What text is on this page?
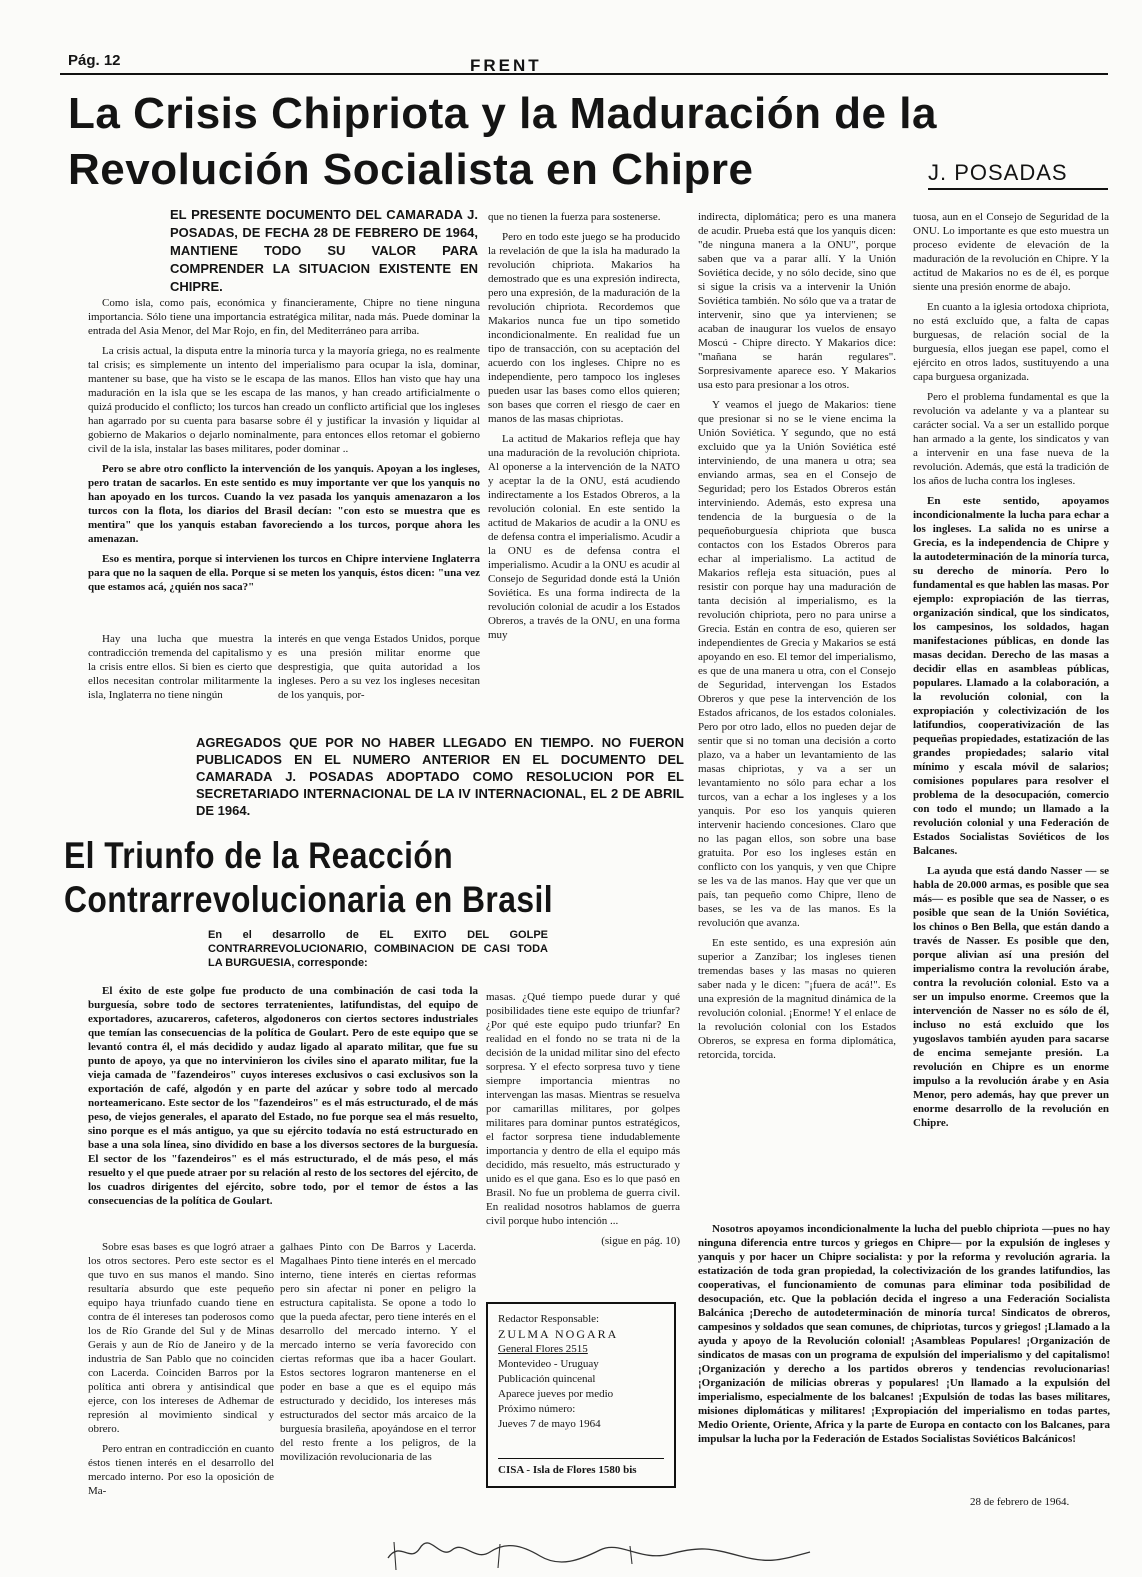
Pág. 12	FRENT
La Crisis Chipriota y la Maduración de la
Revolución Socialista en Chipre	J. POSADAS
EL PRESENTE DOCUMENTO DEL CAMARADA J. POSADAS, DE FECHA 28 DE FEBRERO DE 1964, MANTIENE TODO SU VALOR PARA COMPRENDER LA SITUACION EXISTENTE EN CHIPRE.

Como isla, como país, económica y financieramente, Chipre no tiene ninguna importancia. Sólo tiene una importancia estratégica militar, nada más. Puede dominar la entrada del Asia Menor, del Mar Rojo, en fin, del Mediterráneo para arriba.

La crisis actual, la disputa entre la minoría turca y la mayoría griega, no es realmente tal crisis; es simplemente un intento del imperialismo para ocupar la isla, dominar, mantener su base, que ha visto se le escapa de las manos. Ellos han visto que hay una maduración en la isla que se les escapa de las manos, y han creado artificialmente o quizá producido el conflicto; los turcos han creado un conflicto artificial que los ingleses han agarrado por su cuenta para basarse sobre él y justificar la invasión y liquidar al gobierno de Makarios o dejarlo nominalmente, para entonces ellos retomar el gobierno civil de la isla, instalar las bases militares, poder dominar ..

Pero se abre otro conflicto la intervención de los yanquis. Apoyan a los ingleses, pero tratan de sacarlos. En este sentido es muy importante ver que los yanquis no han apoyado en los turcos. Cuando la vez pasada los yanquis amenazaron a los turcos con la flota, los diarios del Brasil decían: "con esto se muestra que es mentira" que los yanquis estaban favoreciendo a los turcos, porque ahora les amenazan.

Eso es mentira, porque si intervienen los turcos en Chipre interviene Inglaterra para que no la saquen de ella. Porque si se meten los yanquis, éstos dicen: "una vez que estamos acá, ¿quién nos saca?"

Hay una lucha que muestra la contradicción tremenda del capitalismo y la crisis entre ellos. Si bien es cierto que ellos necesitan controlar militarmente la isla, Inglaterra no tiene ningún

interés en que venga Estados Unidos, porque es una presión militar enorme que desprestigia, que quita autoridad a los ingleses. Pero a su vez los ingleses necesitan de los yanquis, por-

que no tienen la fuerza para sostenerse.

Pero en todo este juego se ha producido la revelación de que la isla ha madurado la revolución chipriota. Makarios ha demostrado que es una expresión indirecta, pero una expresión, de la maduración de la revolución chipriota. Recordemos que Makarios nunca fue un tipo sometido incondicionalmente. En realidad fue un tipo de transacción, con su aceptación del acuerdo con los ingleses. Chipre no es independiente, pero tampoco los ingleses pueden usar las bases como ellos quieren; son bases que corren el riesgo de caer en manos de las masas chipriotas.

La actitud de Makarios refleja que hay una maduración de la revolución chipriota. Al oponerse a la intervención de la NATO y aceptar la de la ONU, está acudiendo indirectamente a los Estados Obreros, a la revolución colonial. En este sentido la actitud de Makarios de acudir a la ONU es de defensa contra el imperialismo. Acudir a la ONU es de defensa contra el imperialismo. Acudir a la ONU es acudir al Consejo de Seguridad donde está la Unión Soviética. Es una forma indirecta de la revolución colonial de acudir a los Estados Obreros, a través de la ONU, en una forma muy

indirecta, diplomática; pero es una manera de acudir. Prueba está que los yanquis dicen: "de ninguna manera a la ONU", porque saben que va a parar allí. Y la Unión Soviética decide, y no sólo decide, sino que si sigue la crisis va a intervenir la Unión Soviética también. No sólo que va a tratar de intervenir, sino que ya intervienen; se acaban de inaugurar los vuelos de ensayo Moscú - Chipre directo. Y Makarios dice: "mañana se harán regulares". Sorpresivamente aparece eso. Y Makarios usa esto para presionar a los otros.

Y veamos el juego de Makarios: tiene que presionar si no se le viene encima la Unión Soviética. Y segundo, que no está excluido que ya la Unión Soviética esté interviniendo, de una manera u otra; sea enviando armas, sea en el Consejo de Seguridad; pero los Estados Obreros están interviniendo. Además, esto expresa una tendencia de la burguesía o de la pequeñoburguesía chipriota que busca contactos con los Estados Obreros para echar al imperialismo. La actitud de Makarios refleja esta situación, pues al resistir con porque hay una maduración de tanta decisión al imperialismo, es la revolución chipriota, pero no para unirse a Grecia. Están en contra de eso, quieren ser independientes de Grecia y Makarios se está apoyando en eso. El temor del imperialismo, es que de una manera u otra, con el Consejo de Seguridad, intervengan los Estados Obreros y que pese la intervención de los Estados africanos, de los estados coloniales. Pero por otro lado, ellos no pueden dejar de sentir que si no toman una decisión a corto plazo, va a haber un levantamiento de las masas chipriotas, y va a ser un levantamiento no sólo para echar a los turcos, van a echar a los ingleses y a los yanquis. Por eso los yanquis quieren intervenir haciendo concesiones. Claro que no las pagan ellos, son sobre una base gratuita. Por eso los ingleses están en conflicto con los yanquis, y ven que Chipre se les va de las manos. Hay que ver que un país, tan pequeño como Chipre, lleno de bases, se les va de las manos. Es la revolución que avanza.

En este sentido, es una expresión aún superior a Zanzíbar; los ingleses tienen tremendas bases y las masas no quieren saber nada y le dicen: "¡fuera de acá!". Es una expresión de la magnitud dinámica de la revolución colonial. ¡Enorme! Y el enlace de la revolución colonial con los Estados Obreros, se expresa en forma diplomática, retorcida, torcida.

tuosa, aun en el Consejo de Seguridad de la ONU. Lo importante es que esto muestra un proceso evidente de elevación de la maduración de la revolución en Chipre. Y la actitud de Makarios no es de él, es porque siente una presión enorme de abajo.

En cuanto a la iglesia ortodoxa chipriota, no está excluído que, a falta de capas burguesas, de relación social de la burguesía, ellos juegan ese papel, como el ejército en otros lados, sustituyendo a una capa burguesa organizada.

Pero el problema fundamental es que la revolución va adelante y va a plantear su carácter social. Va a ser un estallido porque han armado a la gente, los sindicatos y van a intervenir en una fase nueva de la revolución. Además, que está la tradición de los años de lucha contra los ingleses.

En este sentido, apoyamos incondicionalmente la lucha para echar a los ingleses. La salida no es unirse a Grecia, es la independencia de Chipre y la autodeterminación de la minoría turca, su derecho de minoría. Pero lo fundamental es que hablen las masas. Por ejemplo: expropiación de las tierras, organización sindical, que los sindicatos, los campesinos, los soldados, hagan manifestaciones públicas, en donde las masas decidan. Derecho de las masas a decidir ellas en asambleas públicas, populares. Llamado a la colaboración, a la revolución colonial, con la expropiación y colectivización de los latifundios, cooperativización de las pequeñas propiedades, estatización de las grandes propiedades; salario vital mínimo y escala móvil de salarios; comisiones populares para resolver el problema de la desocupación, comercio con todo el mundo; un llamado a la revolución colonial y una Federación de Estados Socialistas Soviéticos de los Balcanes.

La ayuda que está dando Nasser — se habla de 20.000 armas, es posible que sea más— es posible que sea de Nasser, o es posible que sean de la Unión Soviética, los chinos o Ben Bella, que están dando a través de Nasser. Es posible que den, porque alivian así una presión del imperialismo contra la revolución árabe, contra la revolución colonial. Esto va a ser un impulso enorme. Creemos que la intervención de Nasser no es sólo de él, incluso no está excluido que los yugoslavos también ayuden para sacarse de encima semejante presión. La revolución en Chipre es un enorme impulso a la revolución árabe y en Asia Menor, pero además, hay que prever un enorme desarrollo de la revolución en Chipre.

AGREGADOS QUE POR NO HABER LLEGADO EN TIEMPO. NO FUERON PUBLICADOS EN EL NUMERO ANTERIOR EN EL DOCUMENTO DEL CAMARADA J. POSADAS ADOPTADO COMO RESOLUCION POR EL SECRETARIADO INTERNACIONAL DE LA IV INTERNACIONAL, EL 2 DE ABRIL DE 1964.
El Triunfo de la Reacción
Contrarrevolucionaria en Brasil
En el desarrollo de EL EXITO DEL GOLPE CONTRARREVOLUCIONARIO, COMBINACION DE CASI TODA LA BURGUESIA, corresponde:

El éxito de este golpe fue producto de una combinación de casi toda la burguesía, sobre todo de sectores terratenientes, latifundistas, del equipo de exportadores, azucareros, cafeteros, algodoneros con ciertos sectores industriales que temían las consecuencias de la política de Goulart. Pero de este equipo que se levantó contra él, el más decidido y audaz ligado al aparato militar, que fue su punto de apoyo, ya que no intervinieron los civiles sino el aparato militar, fue la vieja camada de "fazendeiros" cuyos intereses exclusivos o casi exclusivos son la exportación de café, algodón y en parte del azúcar y sobre todo al mercado norteamericano. Este sector de los "fazendeiros" es el más estructurado, el de más peso, de viejos generales, el aparato del Estado, no fue porque sea el más resuelto, sino porque es el más antiguo, ya que su ejército todavía no está estructurado en base a una sola línea, sino dividido en base a los diversos sectores de la burguesía. El sector de los "fazendeiros" es el más estructurado, el de más peso, el más resuelto y el que puede atraer por su relación al resto de los sectores del ejército, de los cuadros dirigentes del ejército, sobre todo, por el temor de éstos a las consecuencias de la política de Goulart.

masas. ¿Qué tiempo puede durar y qué posibilidades tiene este equipo de triunfar? ¿Por qué este equipo pudo triunfar? En realidad en el fondo no se trata ni de la decisión de la unidad militar sino del efecto sorpresa. Y el efecto sorpresa tuvo y tiene siempre importancia mientras no intervengan las masas. Mientras se resuelva por camarillas militares, por golpes militares para dominar puntos estratégicos, el factor sorpresa tiene indudablemente importancia y dentro de ella el equipo más decidido, más resuelto, más estructurado y unido es el que gana. Eso es lo que pasó en Brasil. No fue un problema de guerra civil. En realidad nosotros hablamos de guerra civil porque hubo intención ...

(sigue en pág. 10)

Sobre esas bases es que logró atraer a los otros sectores. Pero este sector es el que tuvo en sus manos el mando. Sino resultaría absurdo que este pequeño equipo haya triunfado cuando tiene en contra de él intereses tan poderosos como los de Río Grande del Sul y de Minas Gerais y aun de Río de Janeiro y de la industria de San Pablo que no coinciden con Lacerda. Coinciden Barros por la política anti obrera y antisindical que ejerce, con los intereses de Adhemar de represión al movimiento sindical y obrero.

Pero entran en contradicción en cuanto éstos tienen interés en el desarrollo del mercado interno. Por eso la oposición de Ma-

galhaes Pinto con De Barros y Lacerda. Magalhaes Pinto tiene interés en el mercado interno, tiene interés en ciertas reformas pero sin afectar ni poner en peligro la estructura capitalista. Se opone a todo lo que la pueda afectar, pero tiene interés en el desarrollo del mercado interno. Y el mercado interno se vería favorecido con ciertas reformas que iba a hacer Goulart. Estos sectores lograron mantenerse en el poder en base a que es el equipo más estructurado y decidido, los intereses más estructurados del sector más arcaico de la burguesía brasileña, apoyándose en el terror del resto frente a los peligros, de la movilización revolucionaria de las

Redactor Responsable:
ZULMA NOGARA
General Flores 2515
Montevideo - Uruguay
Publicación quincenal
Aparece jueves por medio
Próximo número:
Jueves 7 de mayo 1964
CISA - Isla de Flores 1580 bis

Nosotros apoyamos incondicionalmente la lucha del pueblo chipriota —pues no hay ninguna diferencia entre turcos y griegos en Chipre— por la expulsión de ingleses y yanquis y por hacer un Chipre socialista: y por la reforma y revolución agraria. la estatización de toda gran propiedad, la colectivización de los grandes latifundios, las cooperativas, el funcionamiento de comunas para eliminar toda posibilidad de desocupación, etc. Que la población decida el ingreso a una Federación Socialista Balcánica ¡Derecho de autodeterminación de minoría turca! Sindicatos de obreros, campesinos y soldados que sean comunes, de chipriotas, turcos y griegos! ¡Llamado a la ayuda y apoyo de la Revolución colonial! ¡Asambleas Populares! ¡Organización de sindicatos de masas con un programa de expulsión del imperialismo y del capitalismo! ¡Organización y derecho a los partidos obreros y tendencias revolucionarias! ¡Organización de milicias obreras y populares! ¡Un llamado a la expulsión del imperialismo, especialmente de los balcanes! ¡Expulsión de todas las bases militares, misiones diplomáticas y militares! ¡Expropiación del imperialismo en todas partes, Medio Oriente, Oriente, Africa y la parte de Europa en contacto con los Balcanes, para impulsar la lucha por la Federación de Estados Socialistas Soviéticos Balcánicos!

28 de febrero de 1964.
